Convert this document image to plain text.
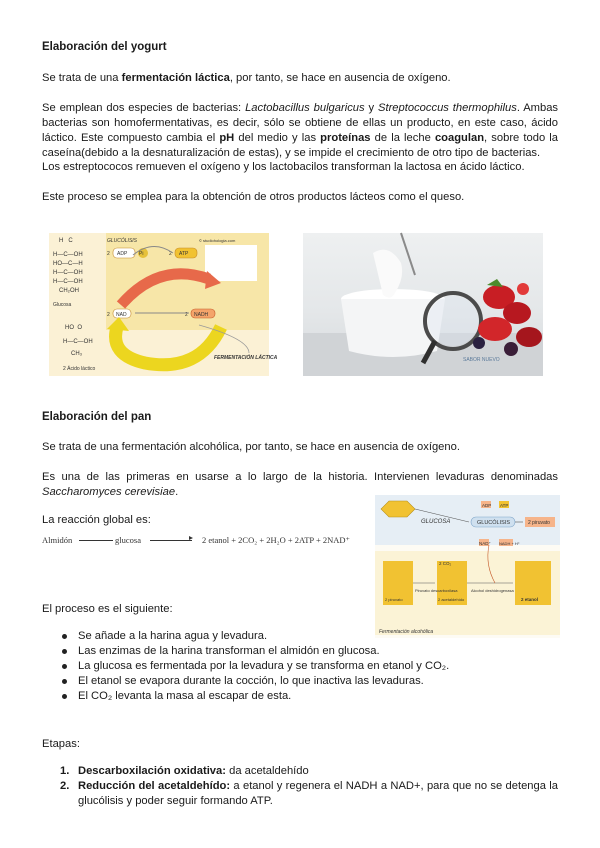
Elaboración del yogurt
Se trata de una fermentación láctica, por tanto, se hace en ausencia de oxígeno.
Se emplean dos especies de bacterias: Lactobacillus bulgaricus y Streptococcus thermophilus. Ambas bacterias son homofermentativas, es decir, sólo se obtiene de ellas un producto, en este caso, ácido láctico. Este compuesto cambia el pH del medio y las proteínas de la leche coagulan, sobre todo la caseína(debido a la desnaturalización de estas), y se impide el crecimiento de otro tipo de bacterias.
Los estreptococos remueven el oxígeno y los lactobacilos transforman la lactosa en ácido láctico.
Este proceso se emplea para la obtención de otros productos lácteos como el queso.
H   C
H—C—OH
HO—C—H
H—C—OH
H—C—OH
CH₂OH
GLUCÓLISIS	© studiohologia.com
Glucosa
2 Ácido láctico
FERMENTACIÓN LÁCTICA
HO  O
H—C—OH
CH₃
2	2
2	2
ADP Pi	ATP
NAD	NADH
SABOR NUEVO
Elaboración del pan
Se trata de una fermentación alcohólica, por tanto, se hace en ausencia de oxígeno.
Es una de las primeras en usarse a lo largo de la historia. Intervienen levaduras denominadas Saccharomyces cerevisiae.
La reacción global es:
Almidón	glucosa	2 etanol + 2CO₂ + 2H₂O + 2ATP + 2NAD⁺
GLUCOSA	GLUCÓLISIS	2 piruvato
ADP ATP
NAD⁺ NADH + H⁺
2 piruvato	2 acetaldehído	2 etanol
2 CO₂
Piruvato descarboxilasa	Alcohol deshidrogenasa
Fermentación alcohólica
El proceso es el siguiente:
Se añade a la harina agua y levadura.
Las enzimas de la harina transforman el almidón en glucosa.
La glucosa es fermentada por la levadura y se transforma en etanol y CO₂.
El etanol se evapora durante la cocción, lo que inactiva las levaduras.
El CO₂ levanta la masa al escapar de esta.
Etapas:
1. Descarboxilación oxidativa: da acetaldehído
2. Reducción del acetaldehído: a etanol y regenera el NADH a NAD+, para que no se detenga la glucólisis y poder seguir formando ATP.
